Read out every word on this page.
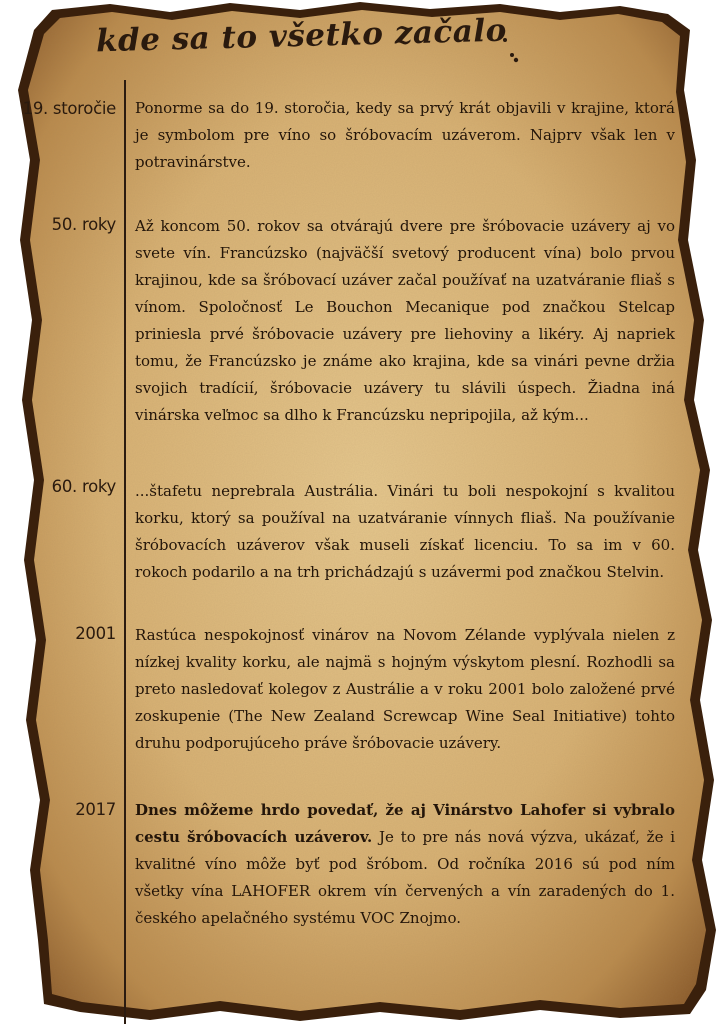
kde sa to všetko začalo
19. storočie Ponorme sa do 19. storočia, kedy sa prvý krát objavili v krajine, ktorá je symbolom pre víno so šróbovacím uzáverom. Najprv však len v potravinárstve.

50. roky Až koncom 50. rokov sa otvárajú dvere pre šróbovacie uzávery aj vo svete vín. Francúzsko (najväčší svetový producent vína) bolo prvou krajinou, kde sa šróbovací uzáver začal používať na uzatváranie fliaš s vínom. Spoločnosť Le Bouchon Mecanique pod značkou Stelcap priniesla prvé šróbovacie uzávery pre liehoviny a likéry. Aj napriek tomu, že Francúzsko je známe ako krajina, kde sa vinári pevne držia svojich tradícií, šróbovacie uzávery tu slávili úspech. Žiadna iná vinárska veľmoc sa dlho k Francúzsku nepripojila, až kým...

60. roky ...štafetu neprebrala Austrália. Vinári tu boli nespokojní s kvalitou korku, ktorý sa používal na uzatváranie vínnych fliaš. Na používanie šróbovacích uzáverov však museli získať licenciu. To sa im v 60. rokoch podarilo a na trh prichádzajú s uzávermi pod značkou Stelvin.

2001 Rastúca nespokojnosť vinárov na Novom Zélande vyplývala nielen z nízkej kvality korku, ale najmä s hojným výskytom plesní. Rozhodli sa preto nasledovať kolegov z Austrálie a v roku 2001 bolo založené prvé zoskupenie (The New Zealand Screwcap Wine Seal Initiative) tohto druhu podporujúceho práve šróbovacie uzávery.

2017 Dnes môžeme hrdo povedať, že aj Vinárstvo Lahofer si vybralo cestu šróbovacích uzáverov. Je to pre nás nová výzva, ukázať, že i kvalitné víno môže byť pod šróbom. Od ročníka 2016 sú pod ním všetky vína LAHOFER okrem vín červených a vín zaradených do 1. českého apelačného systému VOC Znojmo.
